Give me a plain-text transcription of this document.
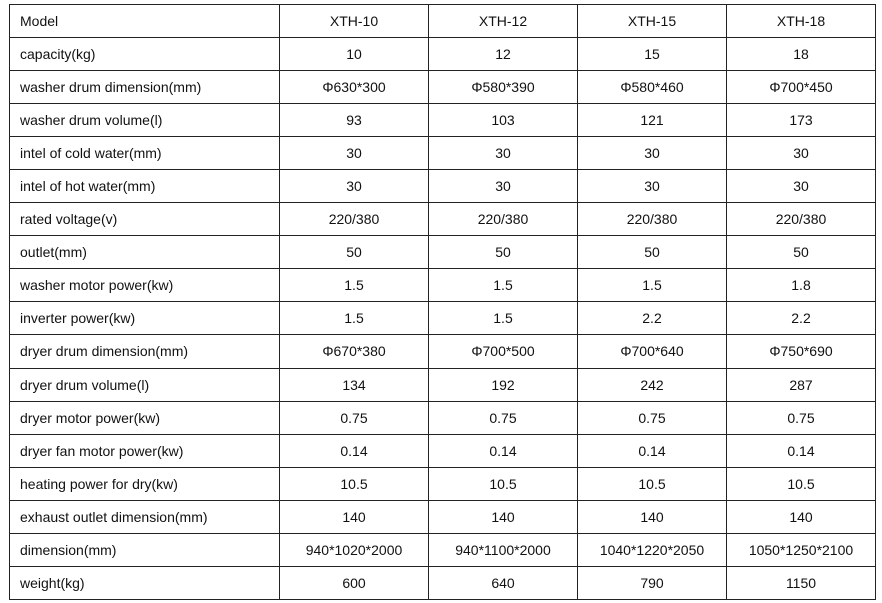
Model	XTH-10	XTH-12	XTH-15	XTH-18
capacity(kg)	10	12	15	18
washer drum dimension(mm)	Φ630*300	Φ580*390	Φ580*460	Φ700*450
washer drum volume(l)	93	103	121	173
intel of cold water(mm)	30	30	30	30
intel of hot water(mm)	30	30	30	30
rated voltage(v)	220/380	220/380	220/380	220/380
outlet(mm)	50	50	50	50
washer motor power(kw)	1.5	1.5	1.5	1.8
inverter power(kw)	1.5	1.5	2.2	2.2
dryer drum dimension(mm)	Φ670*380	Φ700*500	Φ700*640	Φ750*690
dryer drum volume(l)	134	192	242	287
dryer motor power(kw)	0.75	0.75	0.75	0.75
dryer fan motor power(kw)	0.14	0.14	0.14	0.14
heating power for dry(kw)	10.5	10.5	10.5	10.5
exhaust outlet dimension(mm)	140	140	140	140
dimension(mm)	940*1020*2000	940*1100*2000	1040*1220*2050	1050*1250*2100
weight(kg)	600	640	790	1150
